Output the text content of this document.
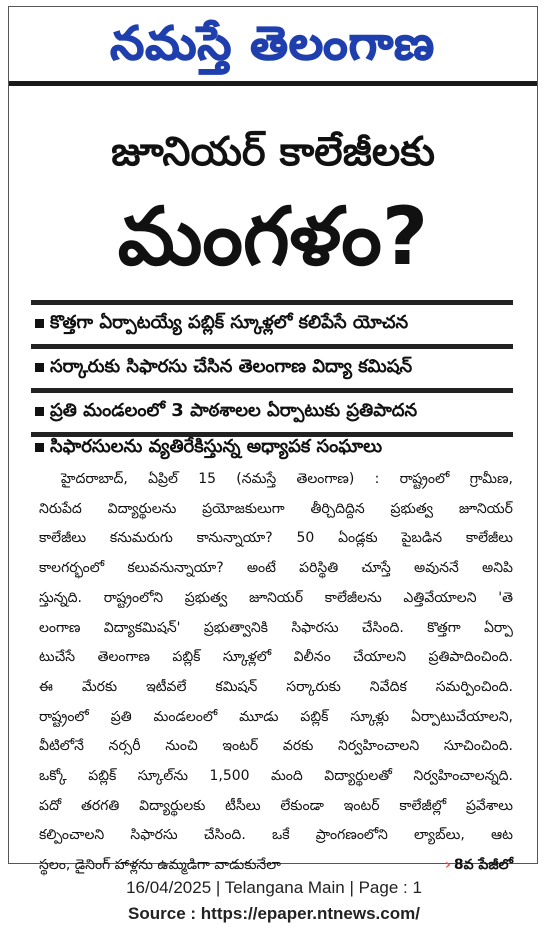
నమస్తే తెలంగాణ
జూనియర్ కాలేజీలకు
మంగళం?
కొత్తగా ఏర్పాటయ్యే పబ్లిక్ స్కూళ్లలో కలిపేసే యోచన
సర్కారుకు సిఫారసు చేసిన తెలంగాణ విద్యా కమిషన్
ప్రతి మండలంలో 3 పాఠశాలల ఏర్పాటుకు ప్రతిపాదన
సిఫారసులను వ్యతిరేకిస్తున్న అధ్యాపక సంఘాలు
హైదరాబాద్, ఏప్రిల్ 15 (నమస్తే తెలంగాణ) : రాష్ట్రంలో గ్రామీణ,
నిరుపేద విద్యార్థులను ప్రయోజకులుగా తీర్చిదిద్దిన ప్రభుత్వ జూనియర్
కాలేజీలు కనుమరుగు కానున్నాయా? 50 ఏండ్లకు పైబడిన కాలేజీలు
కాలగర్భంలో కలువనున్నాయా? అంటే పరిస్థితి చూస్తే అవుననే అనిపి
స్తున్నది. రాష్ట్రంలోని ప్రభుత్వ జూనియర్ కాలేజీలను ఎత్తివేయాలని 'తె
లంగాణ విద్యాకమిషన్' ప్రభుత్వానికి సిఫారసు చేసింది. కొత్తగా ఏర్పా
టుచేసే తెలంగాణ పబ్లిక్ స్కూళ్లలో విలీనం చేయాలని ప్రతిపాదించింది.
ఈ మేరకు ఇటీవలే కమిషన్ సర్కారుకు నివేదిక సమర్పించింది.
రాష్ట్రంలో ప్రతి మండలంలో మూడు పబ్లిక్ స్కూళ్లు ఏర్పాటుచేయాలని,
వీటిలోనే నర్సరీ నుంచి ఇంటర్ వరకు నిర్వహించాలని సూచించింది.
ఒక్కో పబ్లిక్ స్కూల్‌ను 1,500 మంది విద్యార్థులతో నిర్వహించాలన్నది.
పదో తరగతి విద్యార్థులకు టీసీలు లేకుండా ఇంటర్ కాలేజీల్లో ప్రవేశాలు
కల్పించాలని సిఫారసు చేసింది. ఒకే ప్రాంగణంలోని ల్యాబ్‌లు, ఆట
స్థలం, డైనింగ్ హాళ్లను ఉమ్మడిగా వాడుకునేలా	› 8వ పేజీలో
16/04/2025 | Telangana Main | Page : 1
Source : https://epaper.ntnews.com/
